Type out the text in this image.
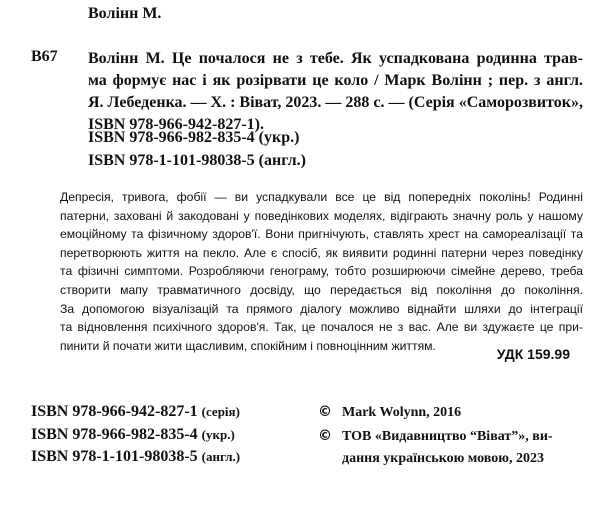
Волінн М.
В67 Волінн М. Це почалося не з тебе. Як успадкована родинна трав-
ма формує нас і як розірвати це коло / Марк Волінн ; пер. з англ.
Я. Лебеденка. — Х. : Віват, 2023. — 288 с. — (Серія «Саморозвиток»,
ISBN 978-966-942-827-1).
ISBN 978-966-982-835-4 (укр.)
ISBN 978-1-101-98038-5 (англ.)
Депресія, тривога, фобії — ви успадкували все це від попередніх поколінь! Родинні
патерни, заховані й закодовані у поведінкових моделях, відіграють значну роль у нашому
емоційному та фізичному здоров'ї. Вони пригнічують, ставлять хрест на самореалізації та
перетворюють життя на пекло. Але є спосіб, як виявити родинні патерни через поведінку
та фізичні симптоми. Розробляючи генограму, тобто розширюючи сімейне дерево, треба
створити мапу травматичного досвіду, що передається від покоління до покоління.
За допомогою візуалізацій та прямого діалогу можливо віднайти шляхи до інтеграції
та відновлення психічного здоров'я. Так, це почалося не з вас. Але ви здужаєте це при-
пинити й почати жити щасливим, спокійним і повноцінним життям.
УДК 159.99
ISBN 978-966-942-827-1 (серія)
ISBN 978-966-982-835-4 (укр.)
ISBN 978-1-101-98038-5 (англ.)
© Mark Wolynn, 2016
© ТОВ «Видавництво “Віват”», ви-
дання українською мовою, 2023
